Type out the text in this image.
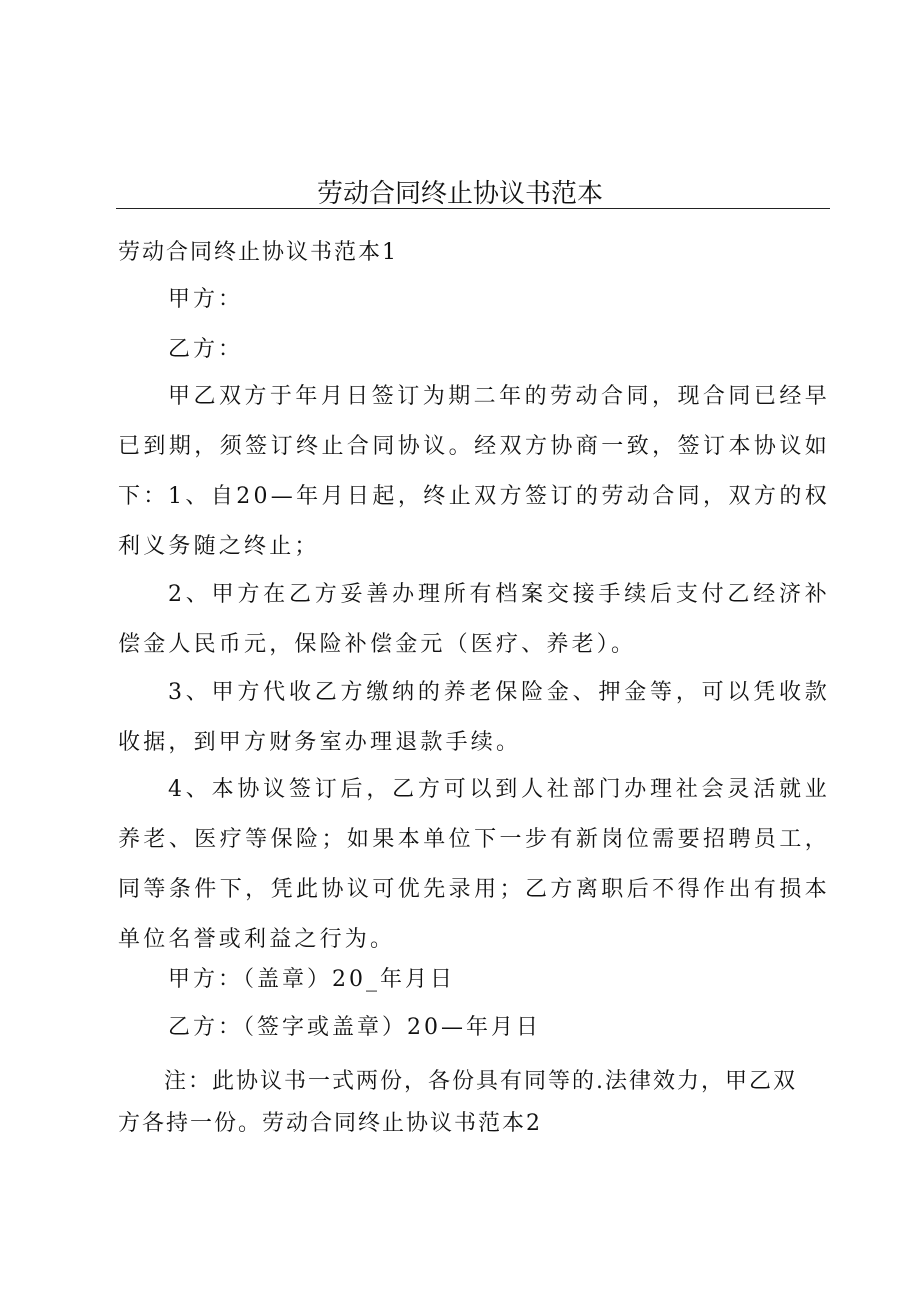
劳动合同终止协议书范本

劳动合同终止协议书范本1

甲方：

乙方：

甲乙双方于年月日签订为期二年的劳动合同，现合同已经早已到期，须签订终止合同协议。经双方协商一致，签订本协议如下： 1、自20—年月日起，终止双方签订的劳动合同，双方的权利义务随之终止；

2、甲方在乙方妥善办理所有档案交接手续后支付乙经济补偿金人民币元，保险补偿金元（医疗、养老）。

3、甲方代收乙方缴纳的养老保险金、押金等，可以凭收款收据，到甲方财务室办理退款手续。

4、本协议签订后，乙方可以到人社部门办理社会灵活就业养老、医疗等保险；如果本单位下一步有新岗位需要招聘员工，同等条件下，凭此协议可优先录用；乙方离职后不得作出有损本单位名誉或利益之行为。

甲方：（盖章）20_年月日

乙方：（签字或盖章）20—年月日

注：此协议书一式两份，各份具有同等的.法律效力，甲乙双方各持一份。劳动合同终止协议书范本2
